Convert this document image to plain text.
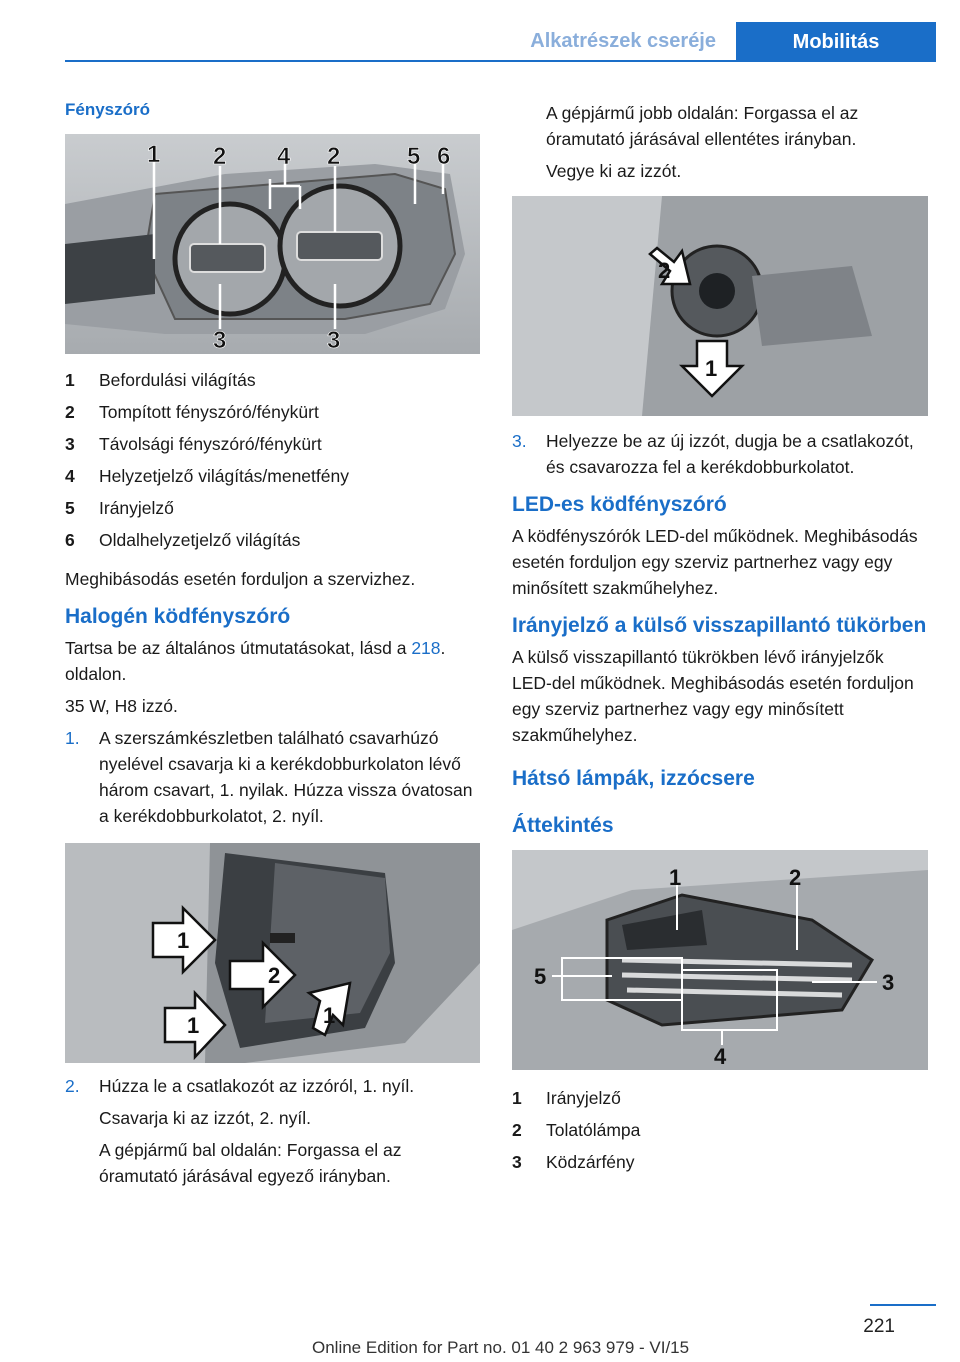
Alkatrészek cseréje	Mobilitás
Fényszóró
1 2 4 2	5 6
3	3
1 Befordulási világítás
2 Tompított fényszóró/fénykürt
3 Távolsági fényszóró/fénykürt
4 Helyzetjelző világítás/menetfény
5 Irányjelző
6 Oldalhelyzetjelző világítás

Meghibásodás esetén forduljon a szervizhez.

Halogén ködfényszóró

Tartsa be az általános útmutatásokat, lásd a 218. oldalon.

35 W, H8 izzó.

1. A szerszámkészletben található csavarhúzó nyelével csavarja ki a kerékdobburkolaton lévő három csavart, 1. nyilak. Húzza vissza óvatosan a kerékdobburkolatot, 2. nyíl.
1
2
1	1
2. Húzza le a csatlakozót az izzóról, 1. nyíl.

Csavarja ki az izzót, 2. nyíl.

A gépjármű bal oldalán: Forgassa el az óramutató járásával egyező irányban.

A gépjármű jobb oldalán: Forgassa el az óramutató járásával ellentétes irányban.

Vegye ki az izzót.

2
1
3. Helyezze be az új izzót, dugja be a csatlakozót, és csavarozza fel a kerékdobburkolatot.
LED-es ködfényszóró

A ködfényszórók LED-del működnek. Meghibásodás esetén forduljon egy szerviz partnerhez vagy egy minősített szakműhelyhez.

Irányjelző a külső visszapillantó tükörben

A külső visszapillantó tükrökben lévő irányjelzők LED-del működnek. Meghibásodás esetén forduljon egy szerviz partnerhez vagy egy minősített szakműhelyhez.

Hátsó lámpák, izzócsere
Áttekintés
1	2
5	3
4
1 Irányjelző
2 Tolatólámpa
3 Ködzárfény
221
Online Edition for Part no. 01 40 2 963 979 - VI/15
